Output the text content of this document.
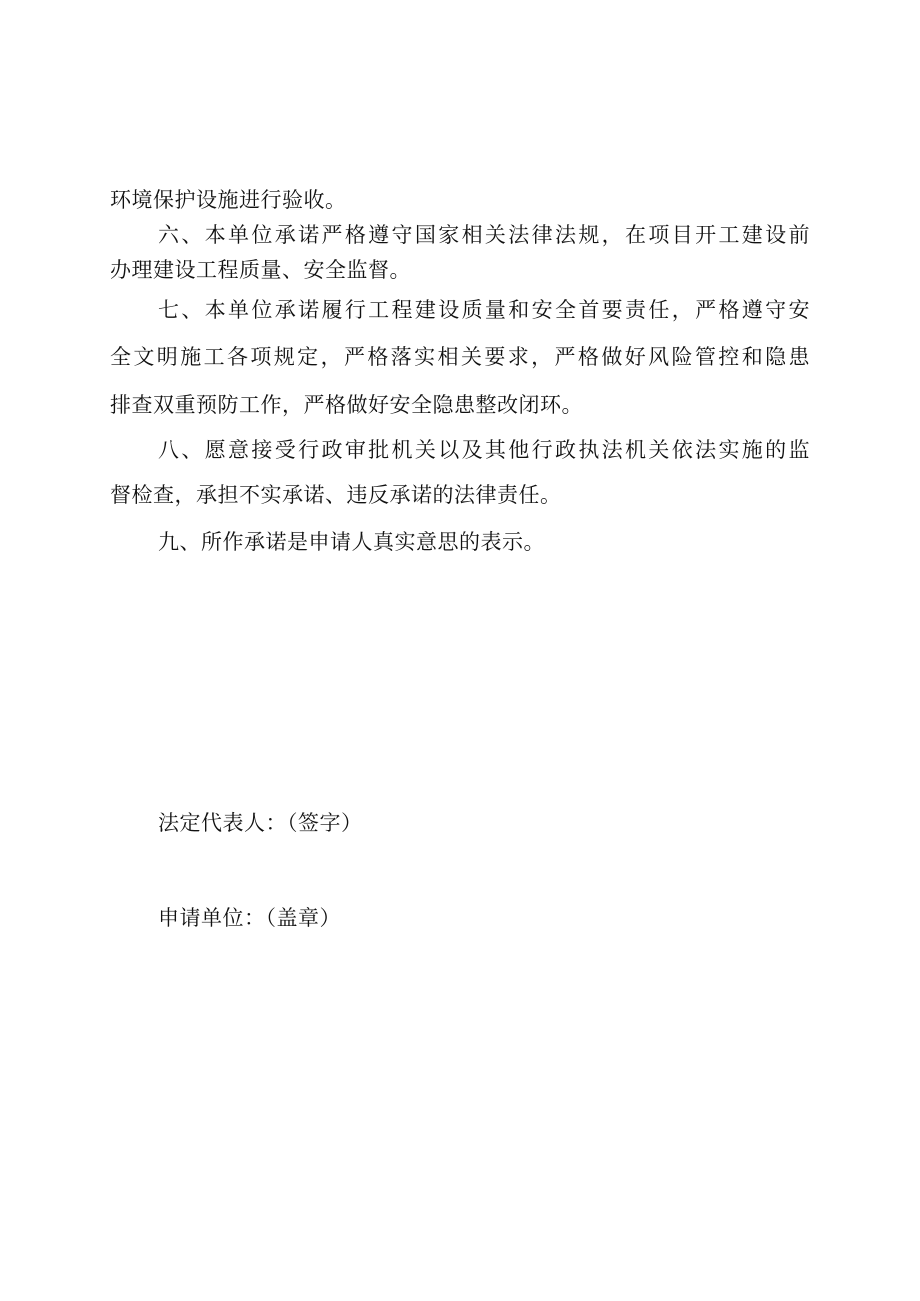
环境保护设施进行验收。
六、本单位承诺严格遵守国家相关法律法规，在项目开工建设前
办理建设工程质量、安全监督。
七、本单位承诺履行工程建设质量和安全首要责任，严格遵守安
全文明施工各项规定，严格落实相关要求，严格做好风险管控和隐患
排查双重预防工作，严格做好安全隐患整改闭环。
八、愿意接受行政审批机关以及其他行政执法机关依法实施的监
督检查，承担不实承诺、违反承诺的法律责任。
九、所作承诺是申请人真实意思的表示。
法定代表人：（签字）
申请单位：（盖章）
